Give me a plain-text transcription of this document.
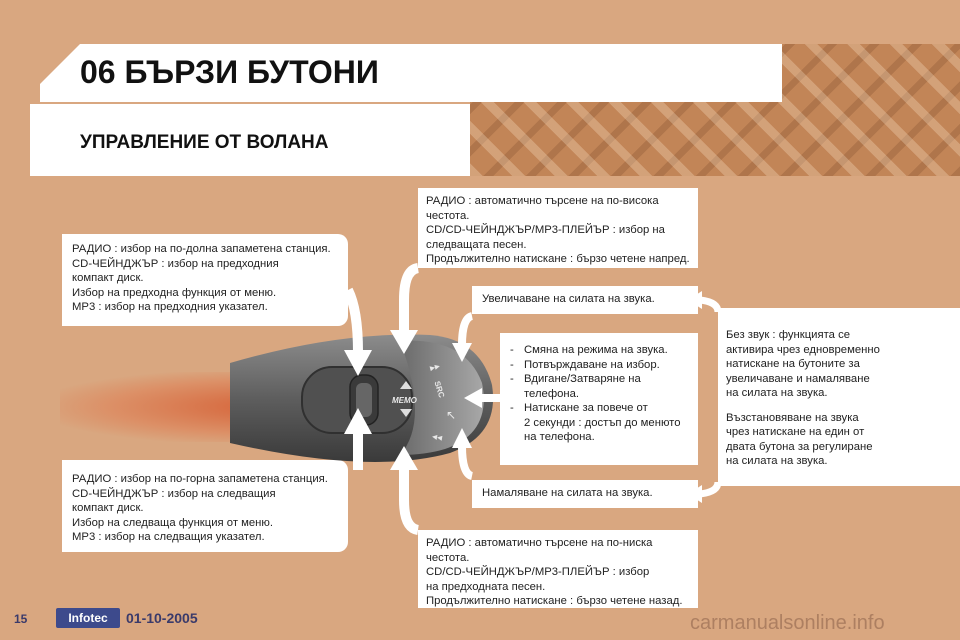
06 БЪРЗИ БУТОНИ
УПРАВЛЕНИЕ ОТ ВОЛАНА
РАДИО : избор на по-долна запаметена станция.
CD-ЧЕЙНДЖЪР : избор на предходния
компакт диск.
Избор на предходна функция от меню.
MP3 : избор на предходния указател.
РАДИО : избор на по-горна запаметена станция.
CD-ЧЕЙНДЖЪР : избор на следващия
компакт диск.
Избор на следваща функция от меню.
MP3 : избор на следващия указател.
РАДИО : автоматично търсене на по-висока
честота.
CD/CD-ЧЕЙНДЖЪР/MP3-ПЛЕЙЪР : избор на
следващата песен.
Продължително натискане : бързо четене напред.
РАДИО : автоматично търсене на по-ниска
честота.
CD/CD-ЧЕЙНДЖЪР/MP3-ПЛЕЙЪР : избор
на предходната песен.
Продължително натискане : бързо четене назад.
Увеличаване на силата на звука.
Намаляване на силата на звука.
- Смяна на режима на звука.
- Потвърждаване на избор.
- Вдигане/Затваряне на
телефона.
- Натискане за повече от
2 секунди : достъп до менюто
на телефона.
Без звук : функцията се
активира чрез едновременно
натискане на бутоните за
увеличаване и намаляване
на силата на звука.
Възстановяване на звука
чрез натискане на един от
двата бутона за регулиране
на силата на звука.
MEMO
SRC
▸▸
◂◂
↖
15	Infotec	01-10-2005	carmanualsonline.info
